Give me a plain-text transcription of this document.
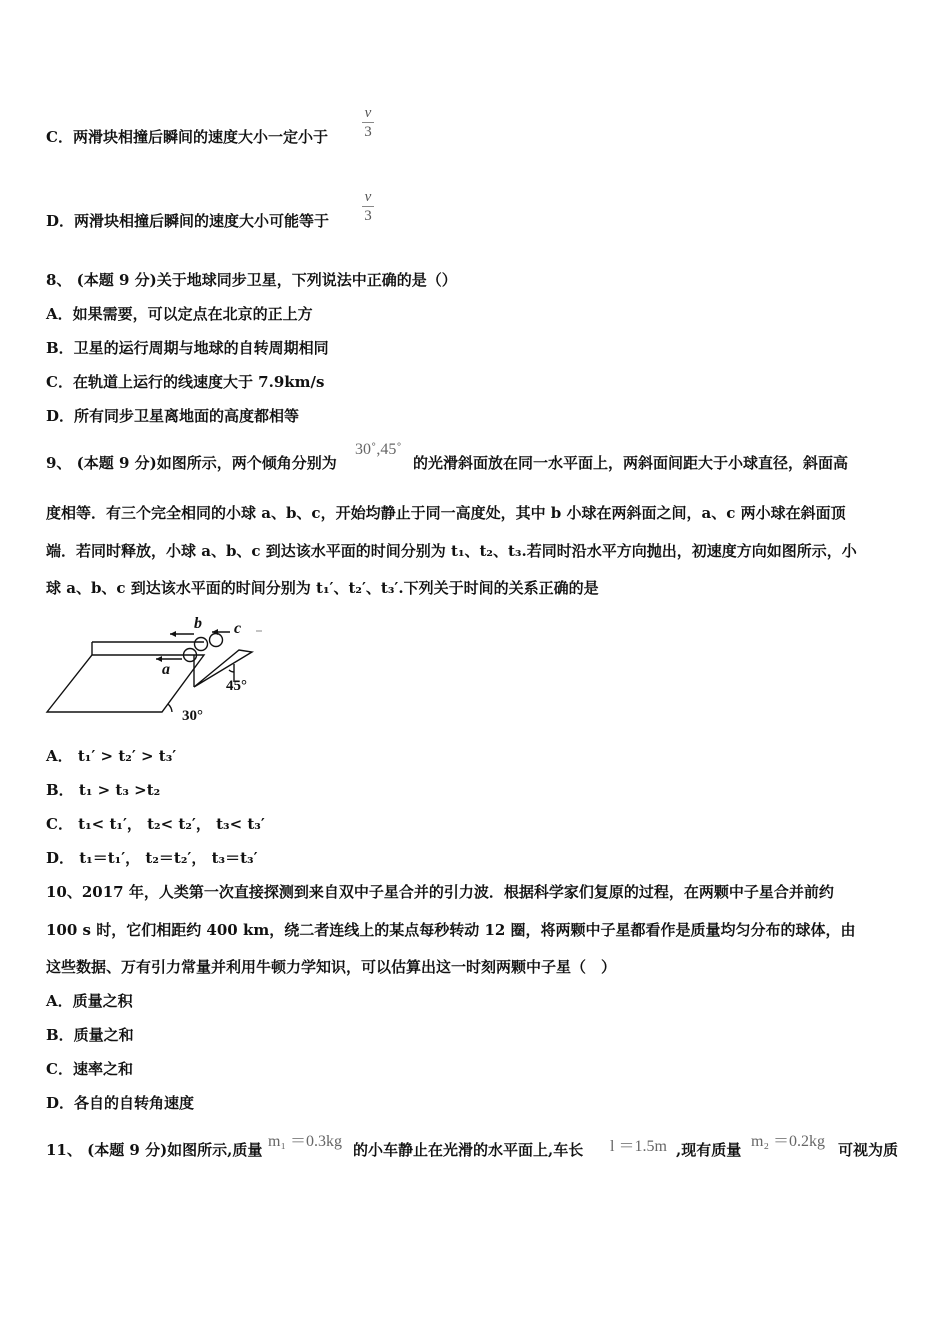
C．两滑块相撞后瞬间的速度大小一定小于
v
3
D．两滑块相撞后瞬间的速度大小可能等于
v
3
8、 (本题 9 分)关于地球同步卫星，下列说法中正确的是（）
A．如果需要，可以定点在北京的正上方
B．卫星的运行周期与地球的自转周期相同
C．在轨道上运行的线速度大于 7.9km/s
D．所有同步卫星离地面的高度都相等
9、 (本题 9 分)如图所示，两个倾角分别为
30˚,45˚
的光滑斜面放在同一水平面上，两斜面间距大于小球直径，斜面高
度相等．有三个完全相同的小球 a、b、c，开始均静止于同一高度处，其中 b 小球在两斜面之间，a、c 两小球在斜面顶
端．若同时释放，小球 a、b、c 到达该水平面的时间分别为 t₁、t₂、t₃.若同时沿水平方向抛出，初速度方向如图所示，小
球 a、b、c 到达该水平面的时间分别为 t₁′、t₂′、t₃′.下列关于时间的关系正确的是
a
b c
30°
45°
A． t₁′ > t₂′ > t₃′
B． t₁ > t₃ >t₂
C． t₁< t₁′， t₂< t₂′， t₃< t₃′
D． t₁＝t₁′， t₂＝t₂′， t₃＝t₃′
10、2017 年，人类第一次直接探测到来自双中子星合并的引力波．根据科学家们复原的过程，在两颗中子星合并前约
100 s 时，它们相距约 400 km，绕二者连线上的某点每秒转动 12 圈，将两颗中子星都看作是质量均匀分布的球体，由
这些数据、万有引力常量并利用牛顿力学知识，可以估算出这一时刻两颗中子星（　）
A．质量之积
B．质量之和
C．速率之和
D．各自的自转角速度
11、 (本题 9 分)如图所示,质量 m₁ ＝0.3kg 的小车静止在光滑的水平面上,车长 l ＝1.5m ,现有质量 m₂ ＝0.2kg 可视为质
